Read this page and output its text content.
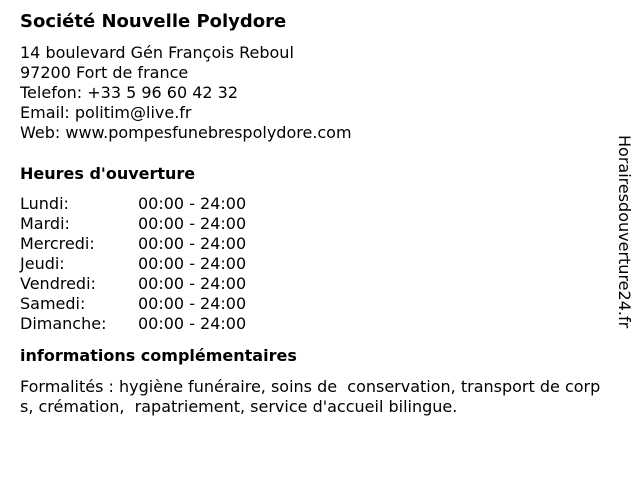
Société Nouvelle Polydore
14 boulevard Gén François Reboul
97200 Fort de france
Telefon: +33 5 96 60 42 32
Email: politim@live.fr
Web: www.pompesfunebrespolydore.com
Heures d'ouverture
Lundi:	00:00 - 24:00
Mardi:	00:00 - 24:00
Mercredi:	00:00 - 24:00
Jeudi:	00:00 - 24:00
Vendredi:	00:00 - 24:00
Samedi:	00:00 - 24:00
Dimanche:	00:00 - 24:00
informations complémentaires
Formalités : hygiène funéraire, soins de  conservation, transport de corps, crémation,  rapatriement, service d'accueil bilingue.
Horairesdouverture24.fr
